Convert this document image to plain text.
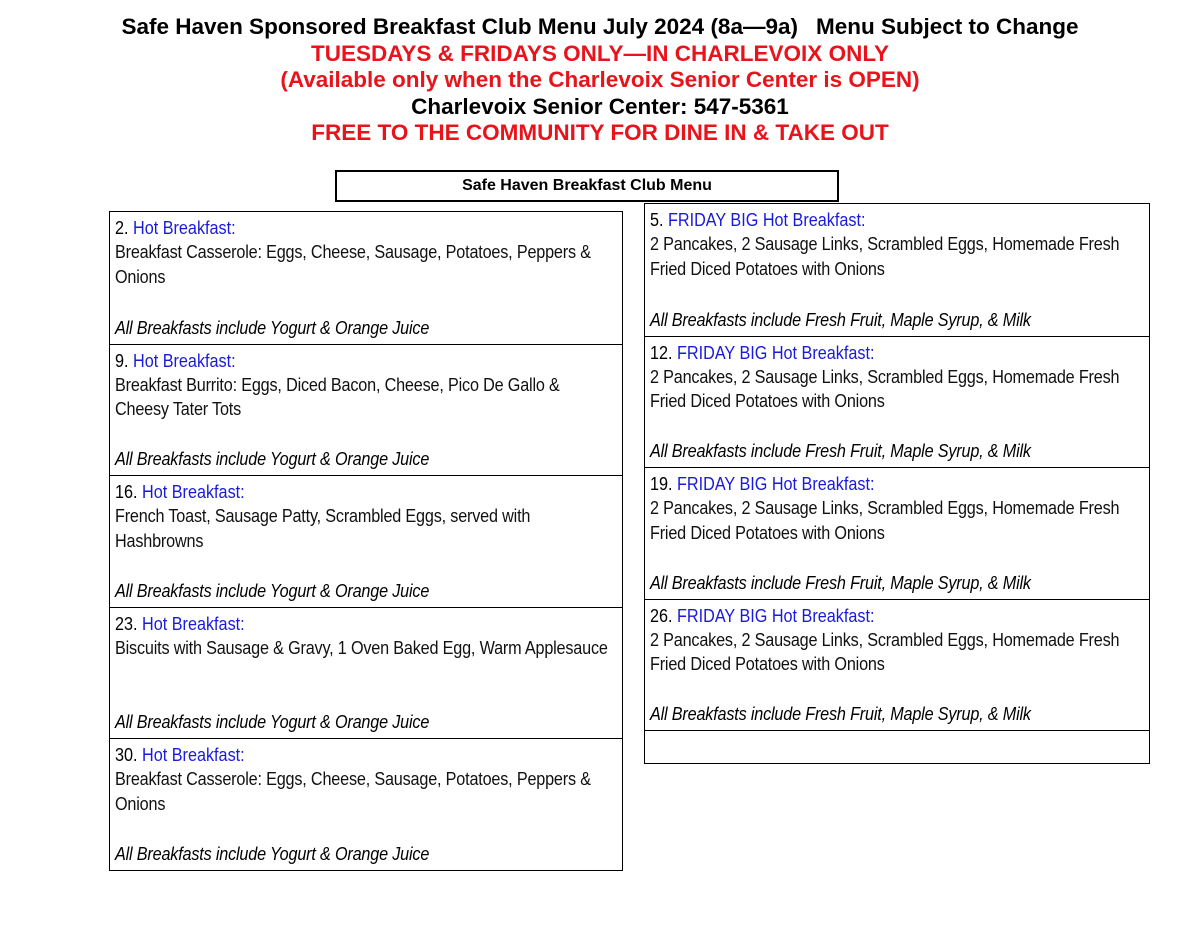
Safe Haven Sponsored Breakfast Club Menu July 2024 (8a—9a) Menu Subject to Change
TUESDAYS & FRIDAYS ONLY—IN CHARLEVOIX ONLY
(Available only when the Charlevoix Senior Center is OPEN)
Charlevoix Senior Center: 547-5361
FREE TO THE COMMUNITY FOR DINE IN & TAKE OUT
Safe Haven Breakfast Club Menu
2. Hot Breakfast:
Breakfast Casserole: Eggs, Cheese, Sausage, Potatoes, Peppers & Onions
All Breakfasts include Yogurt & Orange Juice
9. Hot Breakfast:
Breakfast Burrito: Eggs, Diced Bacon, Cheese, Pico De Gallo & Cheesy Tater Tots
All Breakfasts include Yogurt & Orange Juice
16. Hot Breakfast:
French Toast, Sausage Patty, Scrambled Eggs, served with Hashbrowns
All Breakfasts include Yogurt & Orange Juice
23. Hot Breakfast:
Biscuits with Sausage & Gravy, 1 Oven Baked Egg, Warm Applesauce
All Breakfasts include Yogurt & Orange Juice
30. Hot Breakfast:
Breakfast Casserole: Eggs, Cheese, Sausage, Potatoes, Peppers & Onions
All Breakfasts include Yogurt & Orange Juice
5. FRIDAY BIG Hot Breakfast:
2 Pancakes, 2 Sausage Links, Scrambled Eggs, Homemade Fresh Fried Diced Potatoes with Onions
All Breakfasts include Fresh Fruit, Maple Syrup, & Milk
12. FRIDAY BIG Hot Breakfast:
2 Pancakes, 2 Sausage Links, Scrambled Eggs, Homemade Fresh Fried Diced Potatoes with Onions
All Breakfasts include Fresh Fruit, Maple Syrup, & Milk
19. FRIDAY BIG Hot Breakfast:
2 Pancakes, 2 Sausage Links, Scrambled Eggs, Homemade Fresh Fried Diced Potatoes with Onions
All Breakfasts include Fresh Fruit, Maple Syrup, & Milk
26. FRIDAY BIG Hot Breakfast:
2 Pancakes, 2 Sausage Links, Scrambled Eggs, Homemade Fresh Fried Diced Potatoes with Onions
All Breakfasts include Fresh Fruit, Maple Syrup, & Milk
